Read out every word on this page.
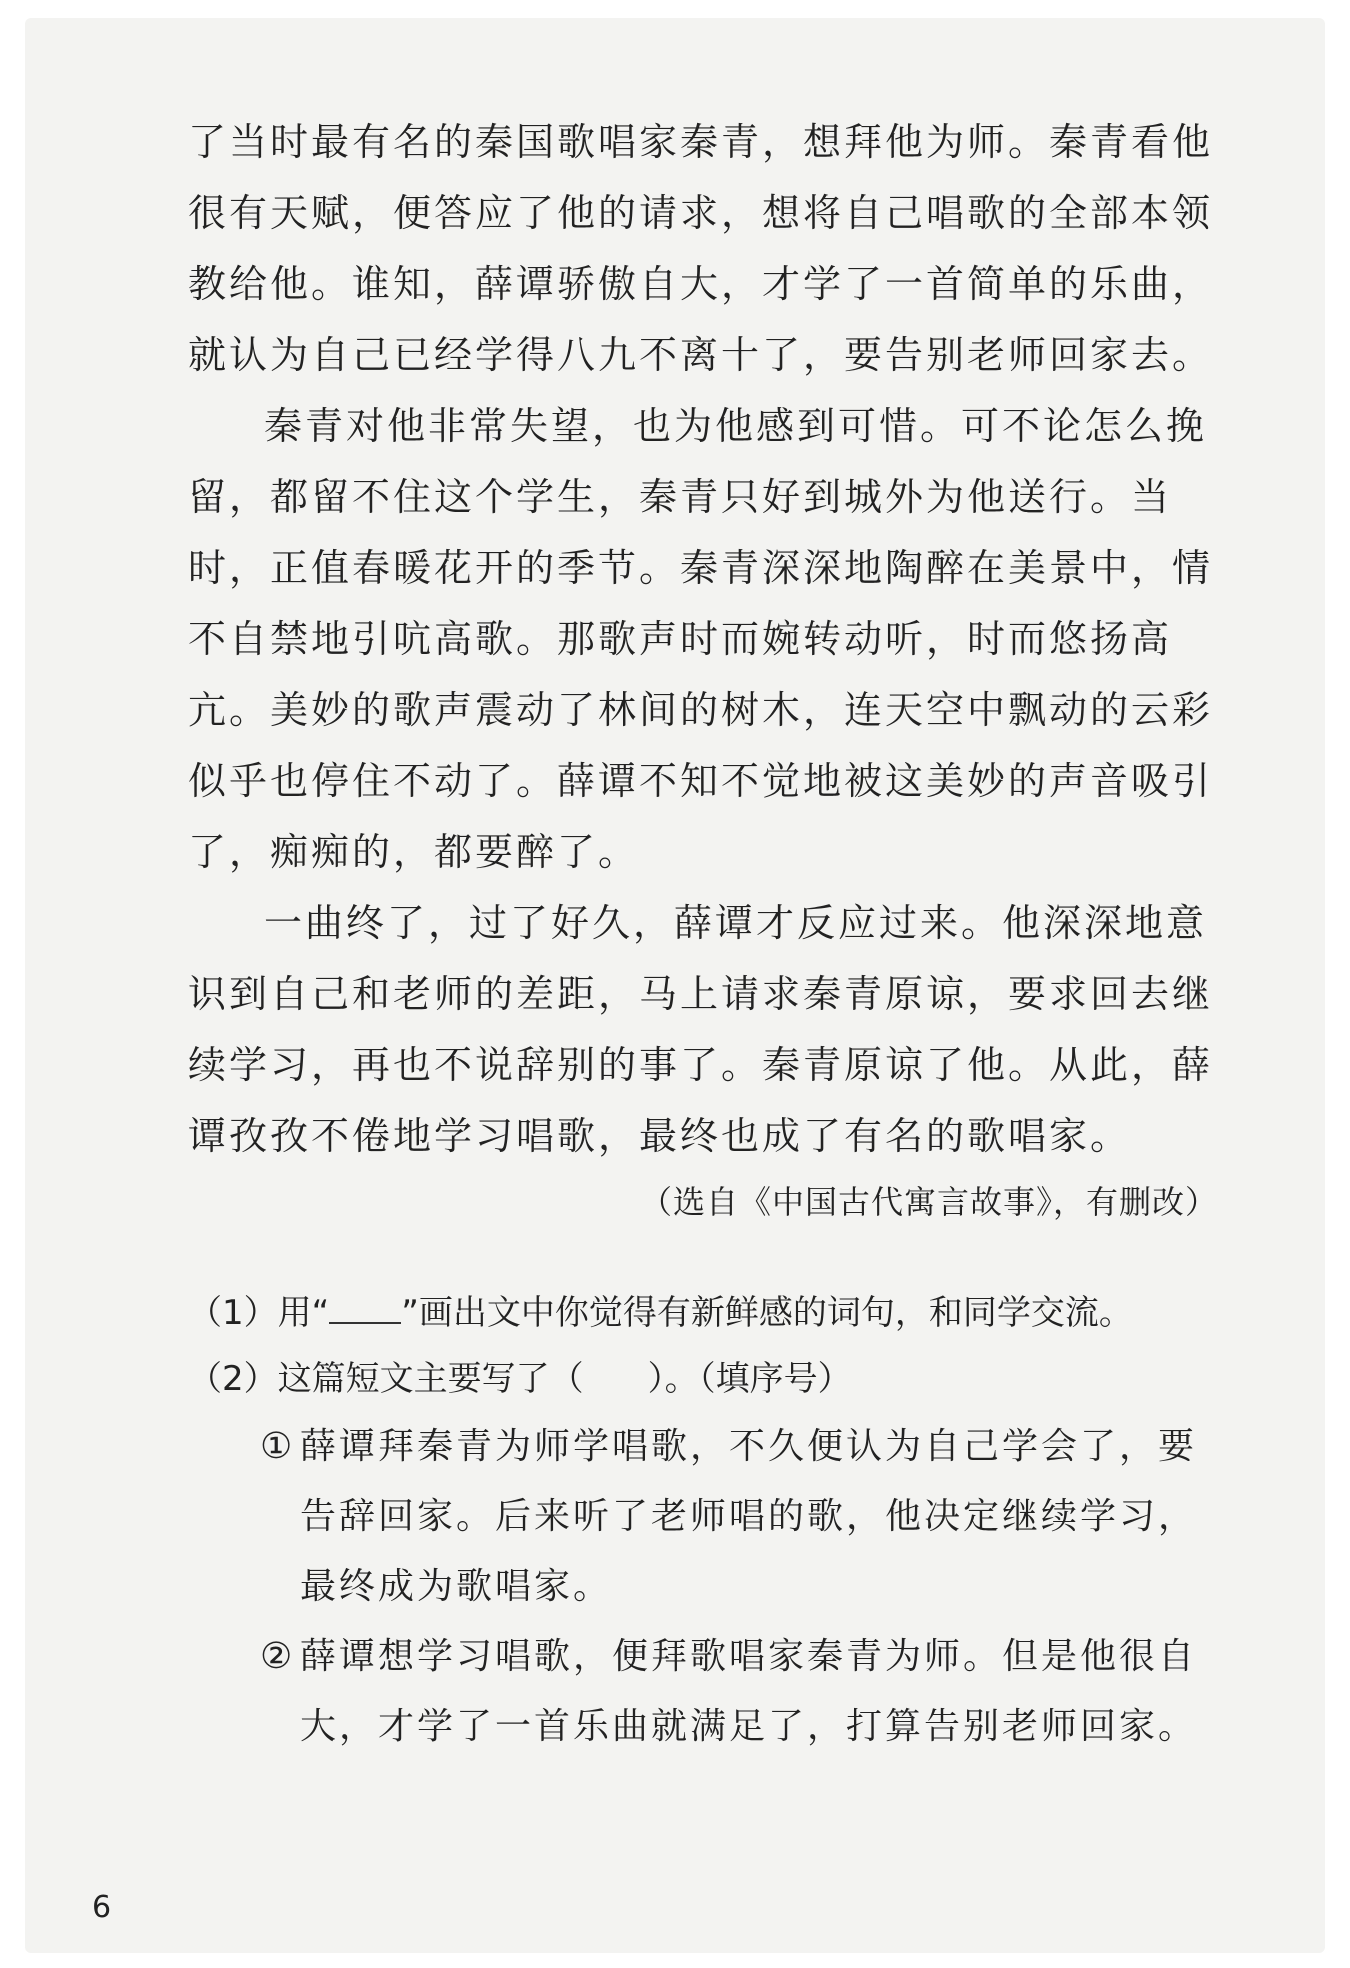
了当时最有名的秦国歌唱家秦青，想拜他为师。秦青看他很有天赋，便答应了他的请求，想将自己唱歌的全部本领教给他。谁知，薛谭骄傲自大，才学了一首简单的乐曲，就认为自己已经学得八九不离十了，要告别老师回家去。

秦青对他非常失望，也为他感到可惜。可不论怎么挽留，都留不住这个学生，秦青只好到城外为他送行。当时，正值春暖花开的季节。秦青深深地陶醉在美景中，情不自禁地引吭高歌。那歌声时而婉转动听，时而悠扬高亢。美妙的歌声震动了林间的树木，连天空中飘动的云彩似乎也停住不动了。薛谭不知不觉地被这美妙的声音吸引了，痴痴的，都要醉了。

一曲终了，过了好久，薛谭才反应过来。他深深地意识到自己和老师的差距，马上请求秦青原谅，要求回去继续学习，再也不说辞别的事了。秦青原谅了他。从此，薛谭孜孜不倦地学习唱歌，最终也成了有名的歌唱家。

（选自《中国古代寓言故事》，有删改）
（1）用“ ”画出文中你觉得有新鲜感的词句，和同学交流。
（2）这篇短文主要写了（ ）。（填序号）
① 薛谭拜秦青为师学唱歌，不久便认为自己学会了，要告辞回家。后来听了老师唱的歌，他决定继续学习，最终成为歌唱家。
② 薛谭想学习唱歌，便拜歌唱家秦青为师。但是他很自大，才学了一首乐曲就满足了，打算告别老师回家。
6
